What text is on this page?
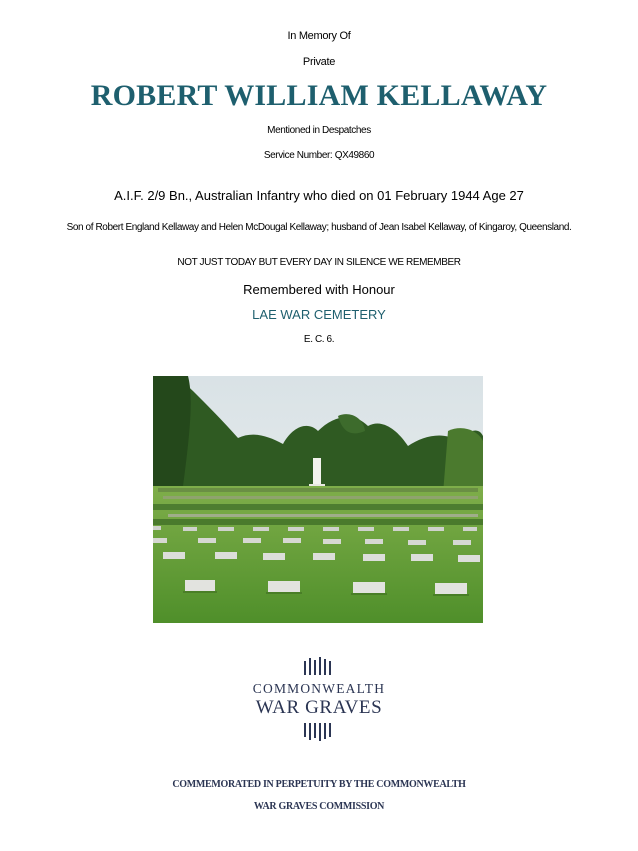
In Memory Of
Private
ROBERT WILLIAM KELLAWAY
Mentioned in Despatches
Service Number: QX49860
A.I.F. 2/9 Bn., Australian Infantry who died on 01 February 1944 Age 27
Son of Robert England Kellaway and Helen McDougal Kellaway; husband of Jean Isabel Kellaway, of Kingaroy, Queensland.
NOT JUST TODAY BUT EVERY DAY IN SILENCE WE REMEMBER
Remembered with Honour
LAE WAR CEMETERY
E. C. 6.
COMMONWEALTH
WAR GRAVES
COMMEMORATED IN PERPETUITY BY THE COMMONWEALTH
WAR GRAVES COMMISSION
